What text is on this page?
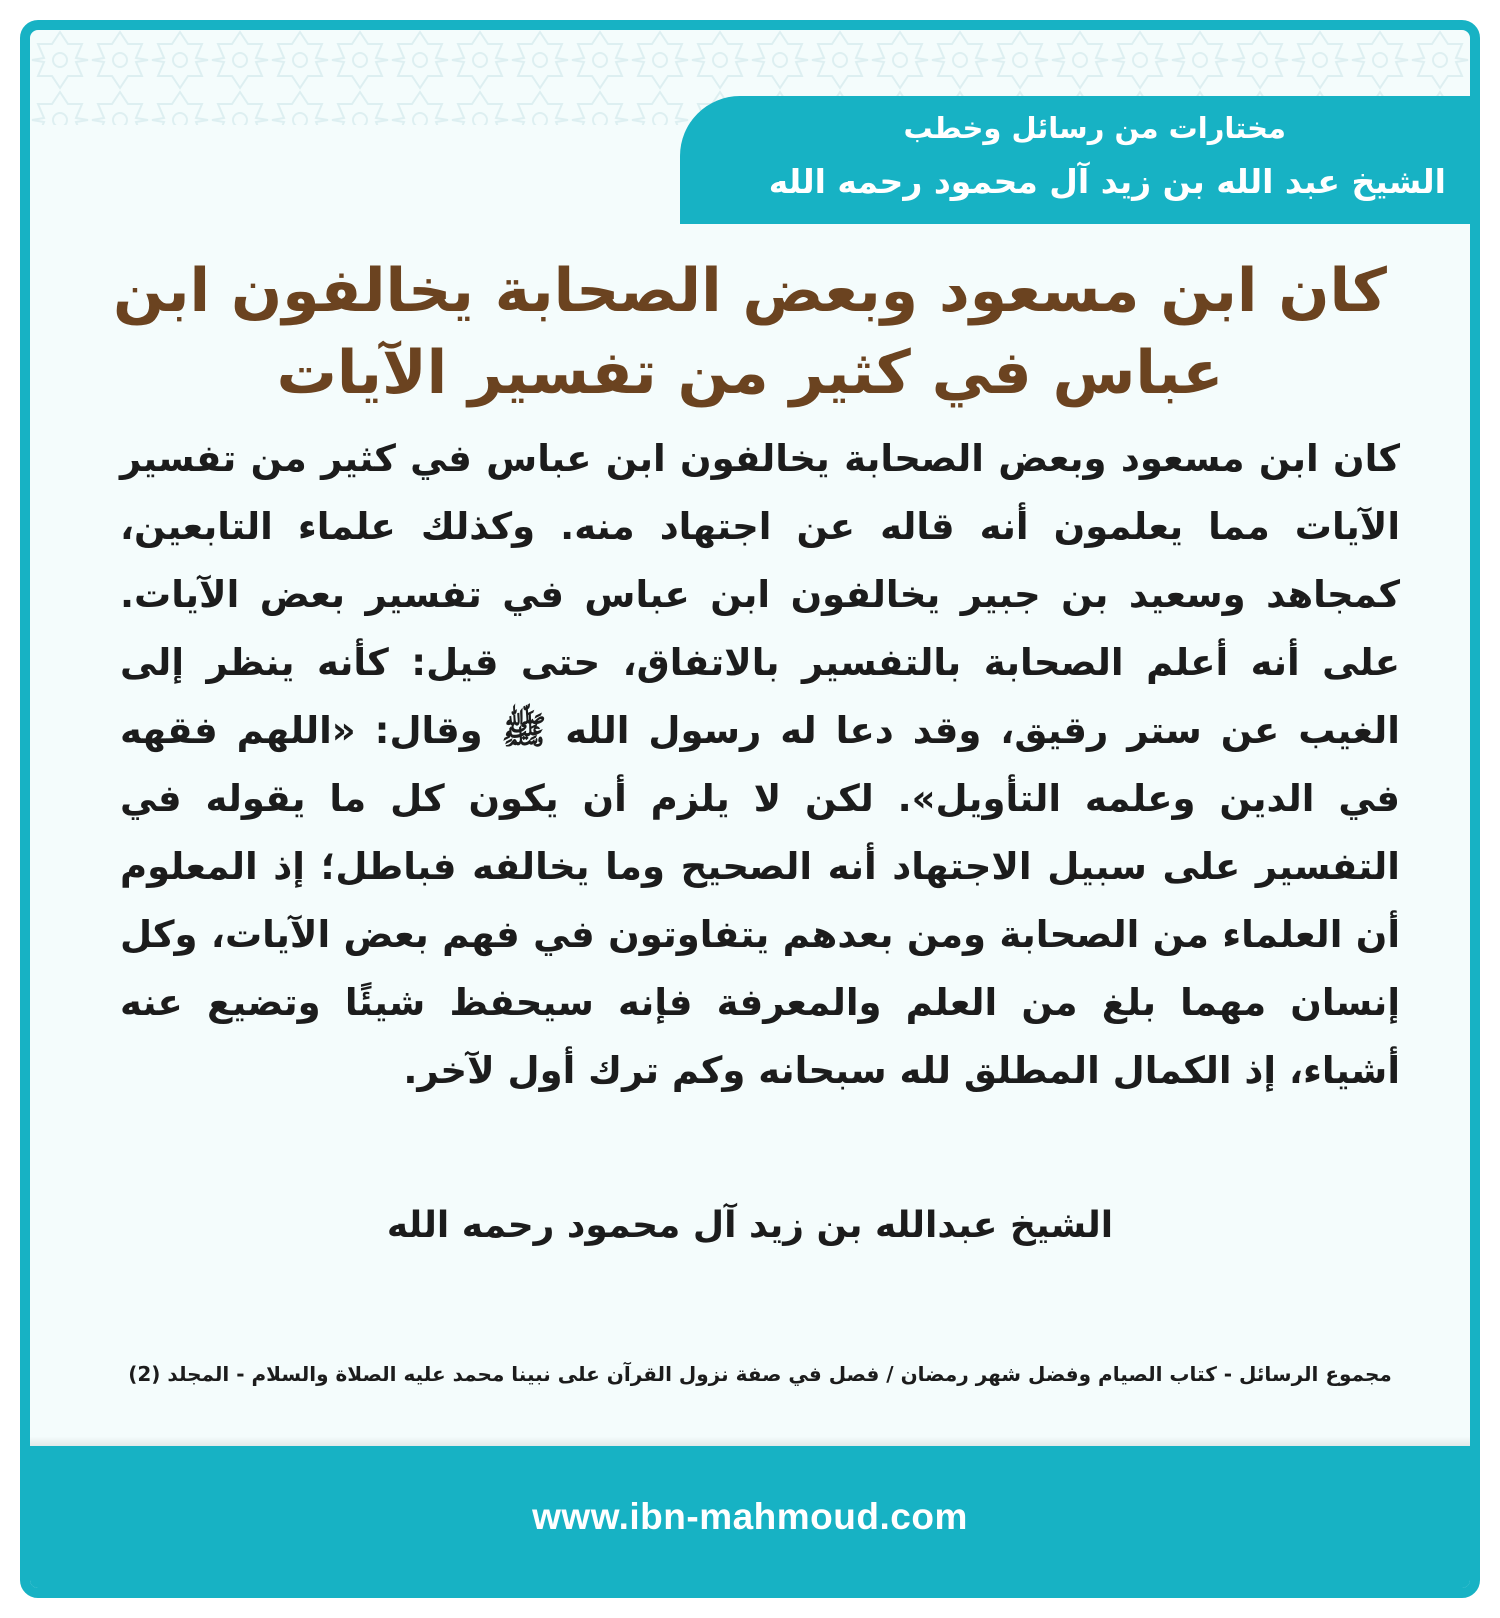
مختارات من رسائل وخطب
الشيخ عبد الله بن زيد آل محمود رحمه الله
كان ابن مسعود وبعض الصحابة يخالفون ابن عباس في كثير من تفسير الآيات
كان ابن مسعود وبعض الصحابة يخالفون ابن عباس في كثير من تفسير الآيات مما يعلمون أنه قاله عن اجتهاد منه. وكذلك علماء التابعين، كمجاهد وسعيد بن جبير يخالفون ابن عباس في تفسير بعض الآيات. على أنه أعلم الصحابة بالتفسير بالاتفاق، حتى قيل: كأنه ينظر إلى الغيب عن ستر رقيق، وقد دعا له رسول الله ﷺ وقال: «اللهم فقهه في الدين وعلمه التأويل». لكن لا يلزم أن يكون كل ما يقوله في التفسير على سبيل الاجتهاد أنه الصحيح وما يخالفه فباطل؛ إذ المعلوم أن العلماء من الصحابة ومن بعدهم يتفاوتون في فهم بعض الآيات، وكل إنسان مهما بلغ من العلم والمعرفة فإنه سيحفظ شيئًا وتضيع عنه أشياء، إذ الكمال المطلق لله سبحانه وكم ترك أول لآخر.
الشيخ عبدالله بن زيد آل محمود رحمه الله
مجموع الرسائل - كتاب الصيام وفضل شهر رمضان / فصل في صفة نزول القرآن على نبينا محمد عليه الصلاة والسلام - المجلد (2)
www.ibn-mahmoud.com
